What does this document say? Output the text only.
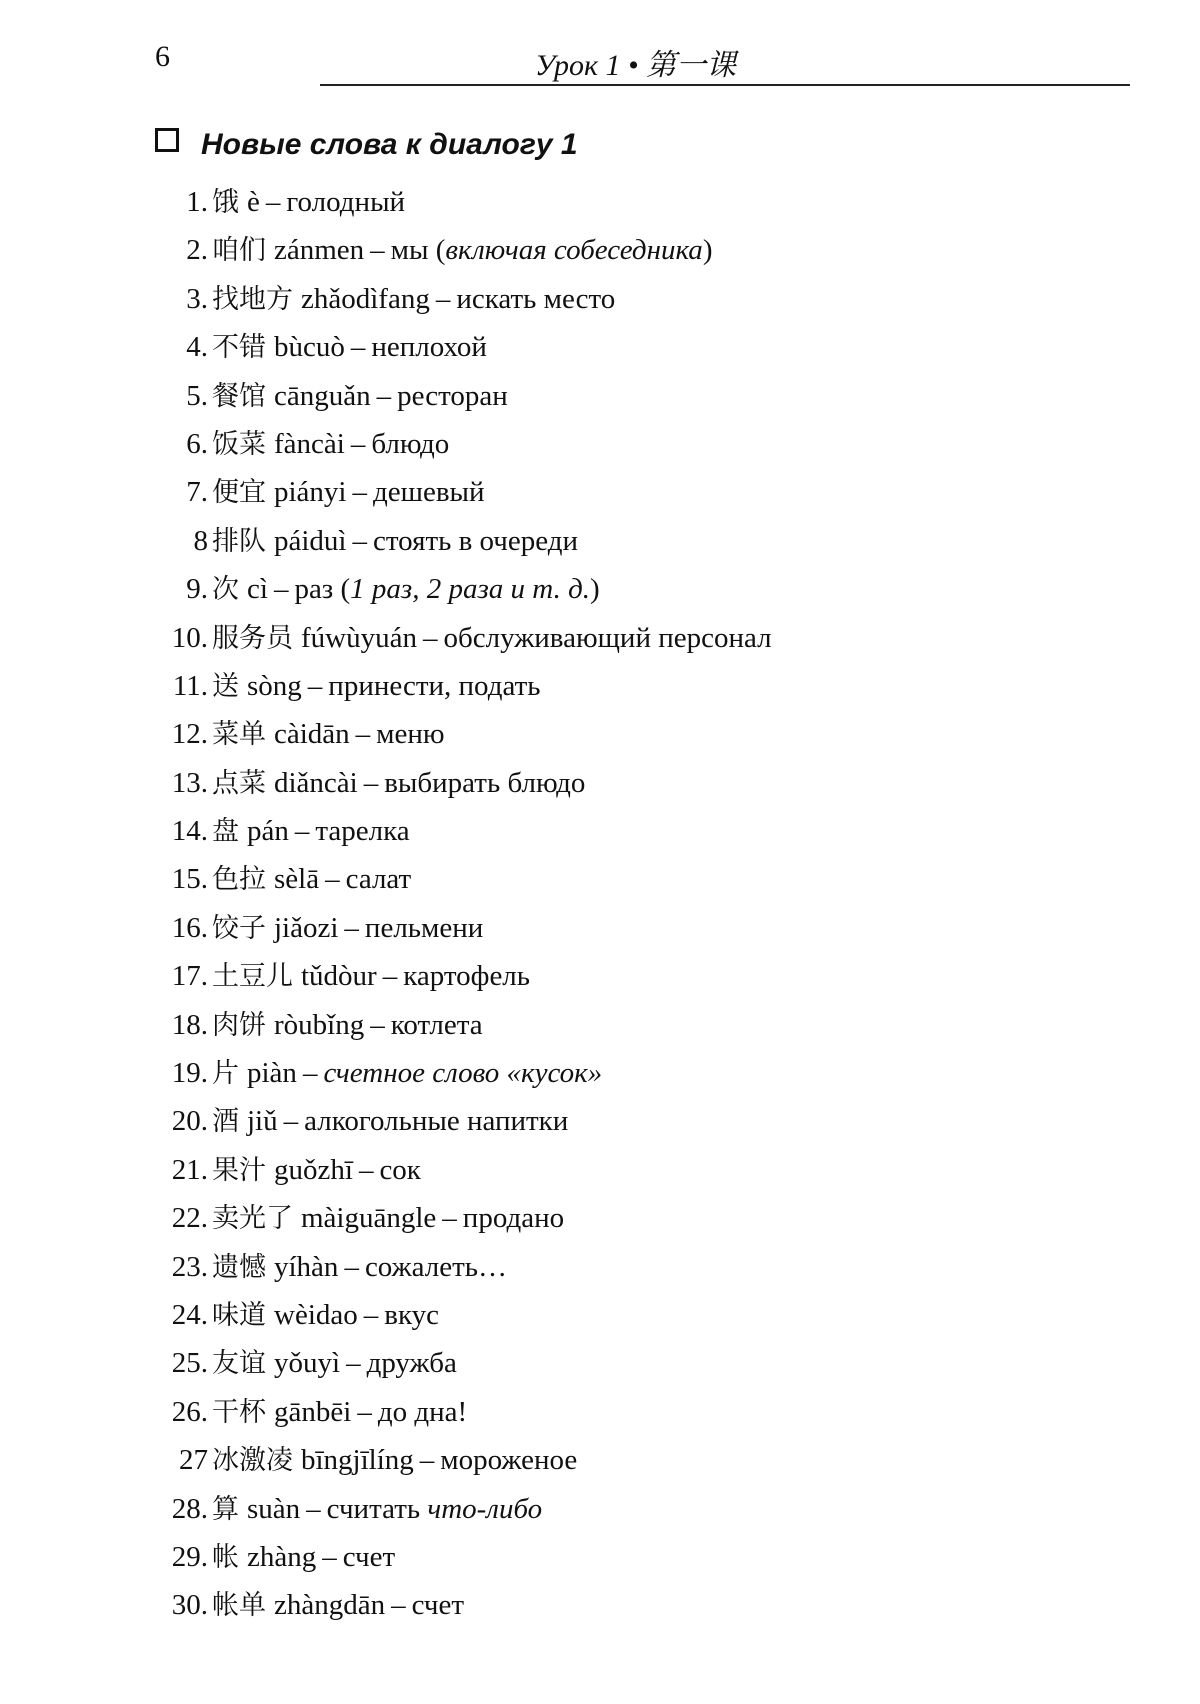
6	Урок 1 • 第一课
Новые слова к диалогу 1
1. 饿 è – голодный
2. 咱们 zánmen – мы (включая собеседника)
3. 找地方 zhǎodìfang – искать место
4. 不错 bùcuò – неплохой
5. 餐馆 cānguǎn – ресторан
6. 饭菜 fàncài – блюдо
7. 便宜 piányi – дешевый
8 排队 páiduì – стоять в очереди
9. 次 cì – раз (1 раз, 2 раза и т. д.)
10. 服务员 fúwùyuán – обслуживающий персонал
11. 送 sòng – принести, подать
12. 菜单 càidān – меню
13. 点菜 diǎncài – выбирать блюдо
14. 盘 pán – тарелка
15. 色拉 sèlā – салат
16. 饺子 jiǎozi – пельмени
17. 土豆儿 tǔdòur – картофель
18. 肉饼 ròubǐng – котлета
19. 片 piàn – счетное слово «кусок»
20. 酒 jiǔ – алкогольные напитки
21. 果汁 guǒzhī – сок
22. 卖光了 màiguāngle – продано
23. 遗憾 yíhàn – сожалеть…
24. 味道 wèidao – вкус
25. 友谊 yǒuyì – дружба
26. 干杯 gānbēi – до дна!
27 冰激凌 bīngjīlíng – мороженое
28. 算 suàn – считать что-либо
29. 帐 zhàng – счет
30. 帐单 zhàngdān – счет
